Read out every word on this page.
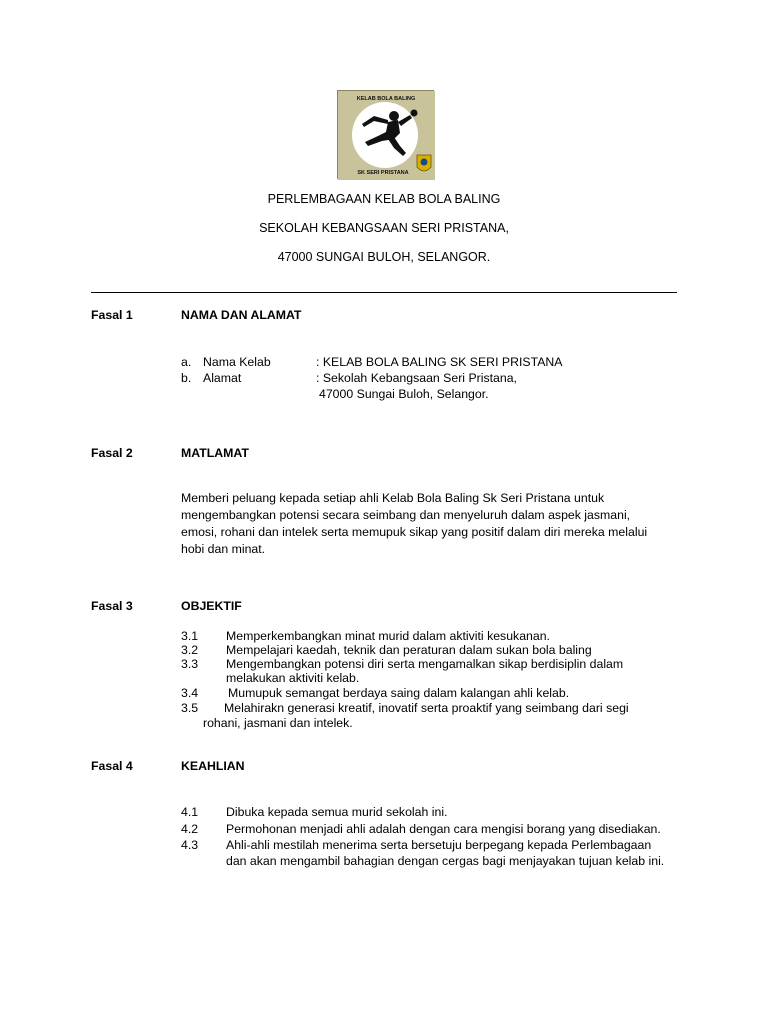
KELAB BOLA BALING
SK SERI PRISTANA
PERLEMBAGAAN KELAB BOLA BALING
SEKOLAH KEBANGSAAN SERI PRISTANA,
47000 SUNGAI BULOH, SELANGOR.
Fasal 1	NAMA DAN ALAMAT
a. Nama Kelab	: KELAB BOLA BALING SK SERI PRISTANA
b. Alamat	: Sekolah Kebangsaan Seri Pristana,
47000 Sungai Buloh, Selangor.
Fasal 2	MATLAMAT
Memberi peluang kepada setiap ahli Kelab Bola Baling Sk Seri Pristana untuk
mengembangkan potensi secara seimbang dan menyeluruh dalam aspek jasmani,
emosi, rohani dan intelek serta memupuk sikap yang positif dalam diri mereka melalui
hobi dan minat.
Fasal 3	OBJEKTIF
3.1 Memperkembangkan minat murid dalam aktiviti kesukanan.
3.2 Mempelajari kaedah, teknik dan peraturan dalam sukan bola baling
3.3 Mengembangkan potensi diri serta mengamalkan sikap berdisiplin dalam
melakukan aktiviti kelab.
3.4 Mumupuk semangat berdaya saing dalam kalangan ahli kelab.
3.5 Melahirakn generasi kreatif, inovatif serta proaktif yang seimbang dari segi
rohani, jasmani dan intelek.
Fasal 4	KEAHLIAN
4.1 Dibuka kepada semua murid sekolah ini.
4.2 Permohonan menjadi ahli adalah dengan cara mengisi borang yang disediakan.
4.3 Ahli-ahli mestilah menerima serta bersetuju berpegang kepada Perlembagaan
dan akan mengambil bahagian dengan cergas bagi menjayakan tujuan kelab ini.
